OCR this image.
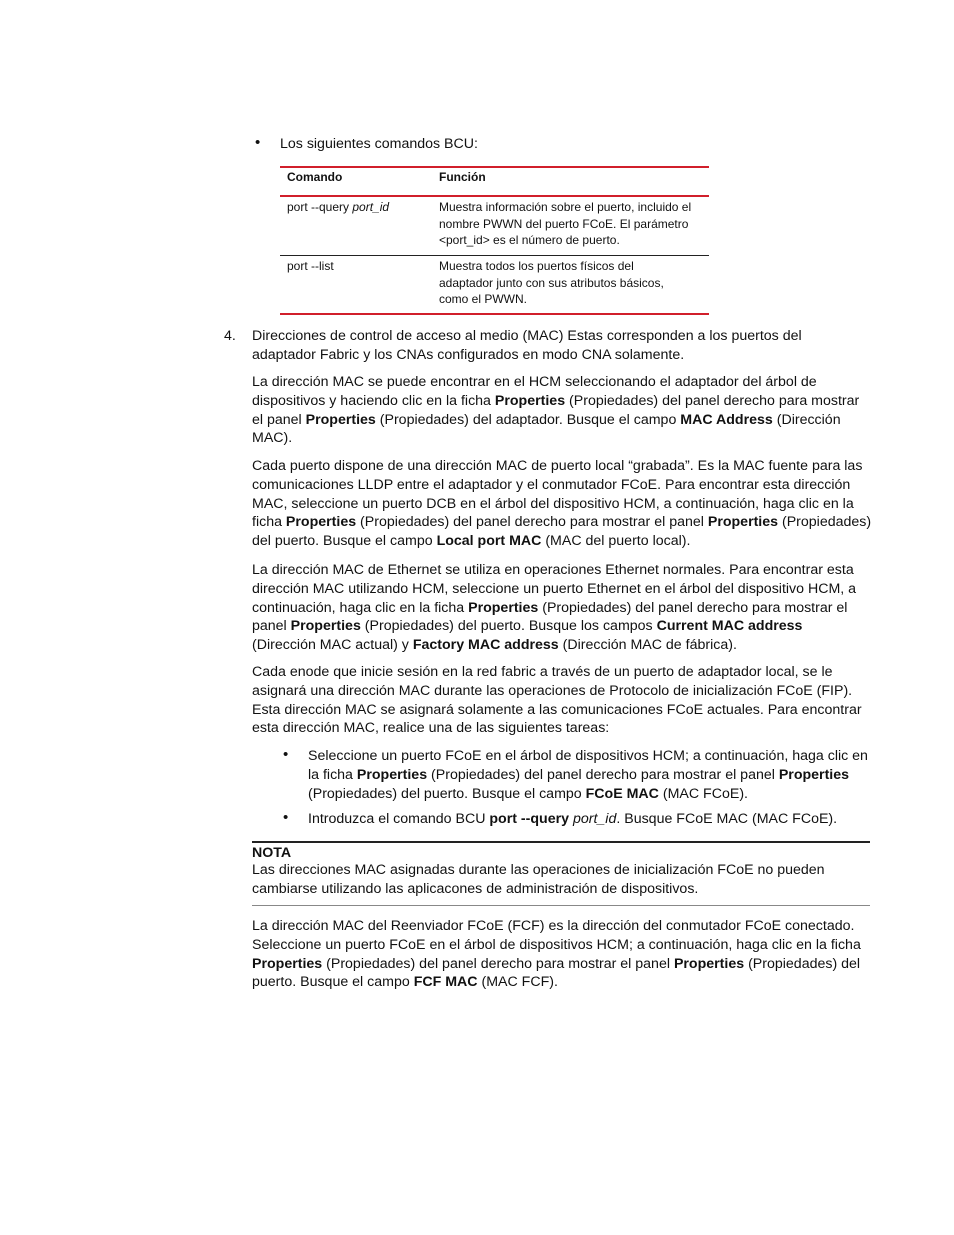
• Los siguientes comandos BCU:
Comando	Función
port --query port_id	Muestra información sobre el puerto, incluido el nombre PWWN del puerto FCoE. El parámetro <port_id> es el número de puerto.
port --list	Muestra todos los puertos físicos del adaptador junto con sus atributos básicos, como el PWWN.
4. Direcciones de control de acceso al medio (MAC) Estas corresponden a los puertos del adaptador Fabric y los CNAs configurados en modo CNA solamente.

La dirección MAC se puede encontrar en el HCM seleccionando el adaptador del árbol de dispositivos y haciendo clic en la ficha Properties (Propiedades) del panel derecho para mostrar el panel Properties (Propiedades) del adaptador. Busque el campo MAC Address (Dirección MAC).

Cada puerto dispone de una dirección MAC de puerto local “grabada”. Es la MAC fuente para las comunicaciones LLDP entre el adaptador y el conmutador FCoE. Para encontrar esta dirección MAC, seleccione un puerto DCB en el árbol del dispositivo HCM, a continuación, haga clic en la ficha Properties (Propiedades) del panel derecho para mostrar el panel Properties (Propiedades) del puerto. Busque el campo Local port MAC (MAC del puerto local).

La dirección MAC de Ethernet se utiliza en operaciones Ethernet normales. Para encontrar esta dirección MAC utilizando HCM, seleccione un puerto Ethernet en el árbol del dispositivo HCM, a continuación, haga clic en la ficha Properties (Propiedades) del panel derecho para mostrar el panel Properties (Propiedades) del puerto. Busque los campos Current MAC address (Dirección MAC actual) y Factory MAC address (Dirección MAC de fábrica).

Cada enode que inicie sesión en la red fabric a través de un puerto de adaptador local, se le asignará una dirección MAC durante las operaciones de Protocolo de inicialización FCoE (FIP). Esta dirección MAC se asignará solamente a las comunicaciones FCoE actuales. Para encontrar esta dirección MAC, realice una de las siguientes tareas:

• Seleccione un puerto FCoE en el árbol de dispositivos HCM; a continuación, haga clic en la ficha Properties (Propiedades) del panel derecho para mostrar el panel Properties (Propiedades) del puerto. Busque el campo FCoE MAC (MAC FCoE).

• Introduzca el comando BCU port --query port_id. Busque FCoE MAC (MAC FCoE).

NOTA
Las direcciones MAC asignadas durante las operaciones de inicialización FCoE no pueden cambiarse utilizando las aplicacones de administración de dispositivos.

La dirección MAC del Reenviador FCoE (FCF) es la dirección del conmutador FCoE conectado. Seleccione un puerto FCoE en el árbol de dispositivos HCM; a continuación, haga clic en la ficha Properties (Propiedades) del panel derecho para mostrar el panel Properties (Propiedades) del puerto. Busque el campo FCF MAC (MAC FCF).
